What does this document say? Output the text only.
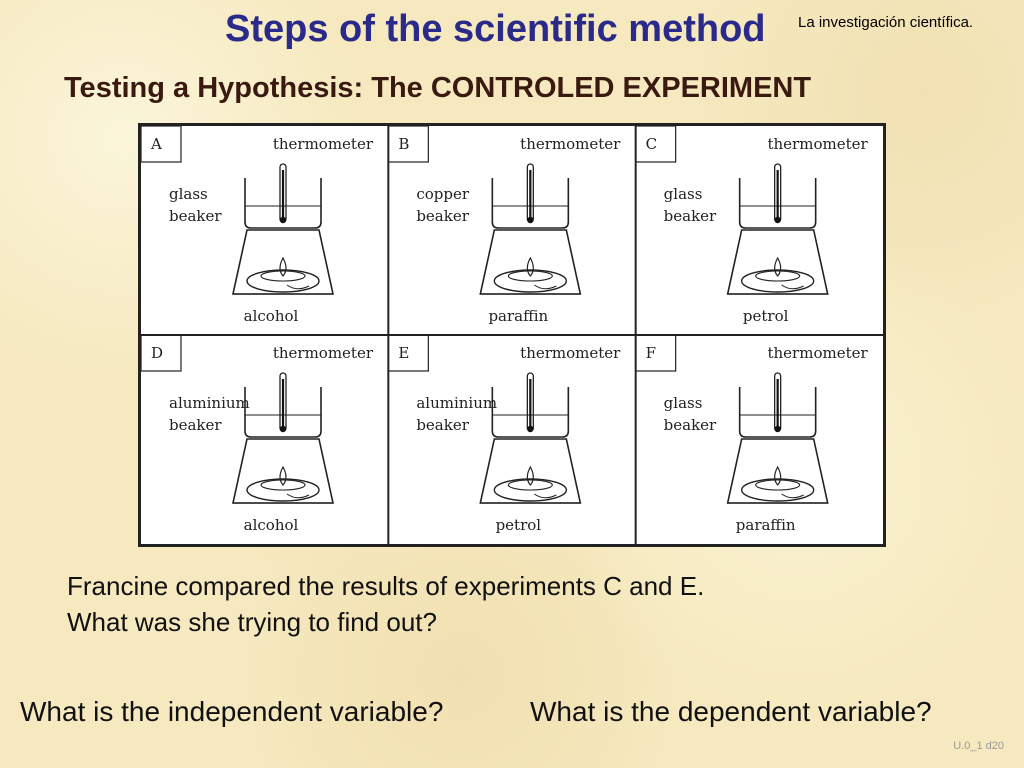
Steps of the scientific method La investigación científica.
Testing a Hypothesis: The CONTROLED EXPERIMENT
A	thermometer
glass
beaker
alcohol
B	thermometer
copper
beaker
paraffin
C	thermometer
glass
beaker
petrol
D	thermometer
aluminium
beaker
alcohol
E	thermometer
aluminium
beaker
petrol
F	thermometer
glass
beaker
paraffin
Francine compared the results of experiments C and E.
What was she trying to find out?
What is the independent variable?	What is the dependent variable?
U.0_1 d20
